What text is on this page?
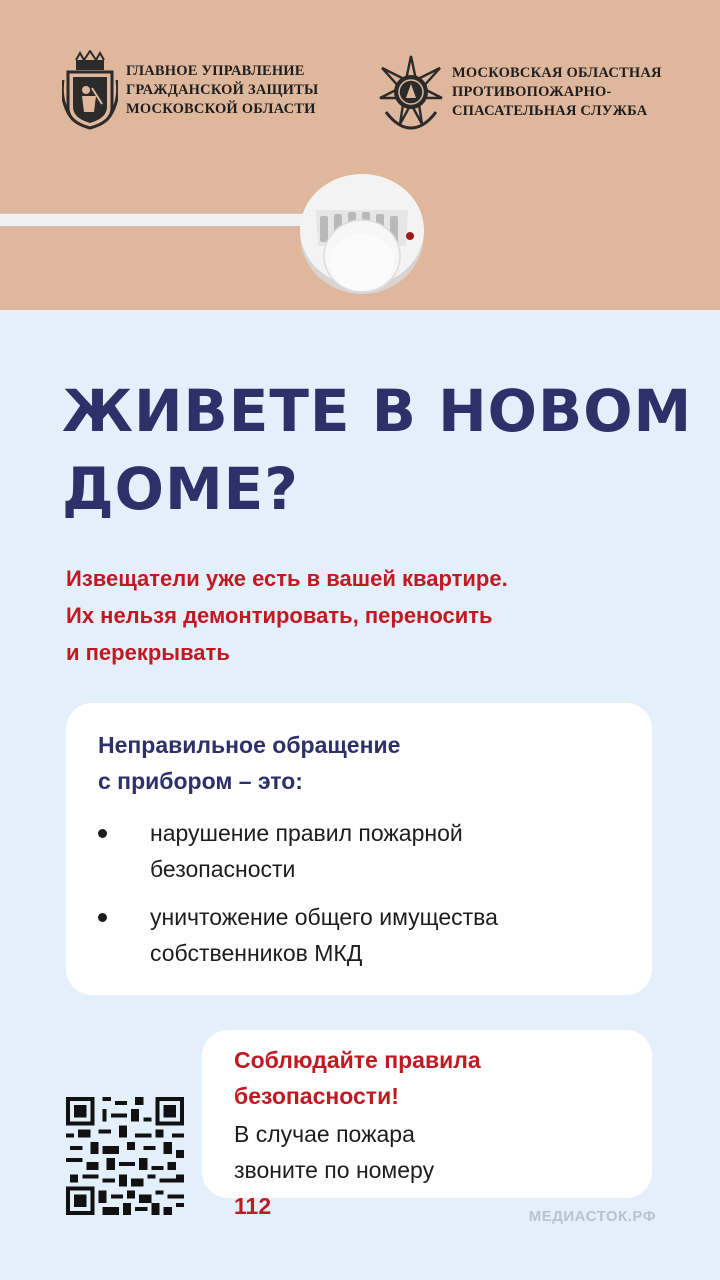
ГЛАВНОЕ УПРАВЛЕНИЕ
ГРАЖДАНСКОЙ ЗАЩИТЫ
МОСКОВСКОЙ ОБЛАСТИ
МОСКОВСКАЯ ОБЛАСТНАЯ
ПРОТИВОПОЖАРНО-
СПАСАТЕЛЬНАЯ СЛУЖБА
ЖИВЕТЕ В НОВОМ
ДОМЕ?
Извещатели уже есть в вашей квартире.
Их нельзя демонтировать, переносить
и перекрывать
Неправильное обращение
с прибором – это:
нарушение правил пожарной
безопасности
уничтожение общего имущества
собственников МКД
Соблюдайте правила
безопасности!
В случае пожара
звоните по номеру
112	МЕДИАСТОК.РФ
